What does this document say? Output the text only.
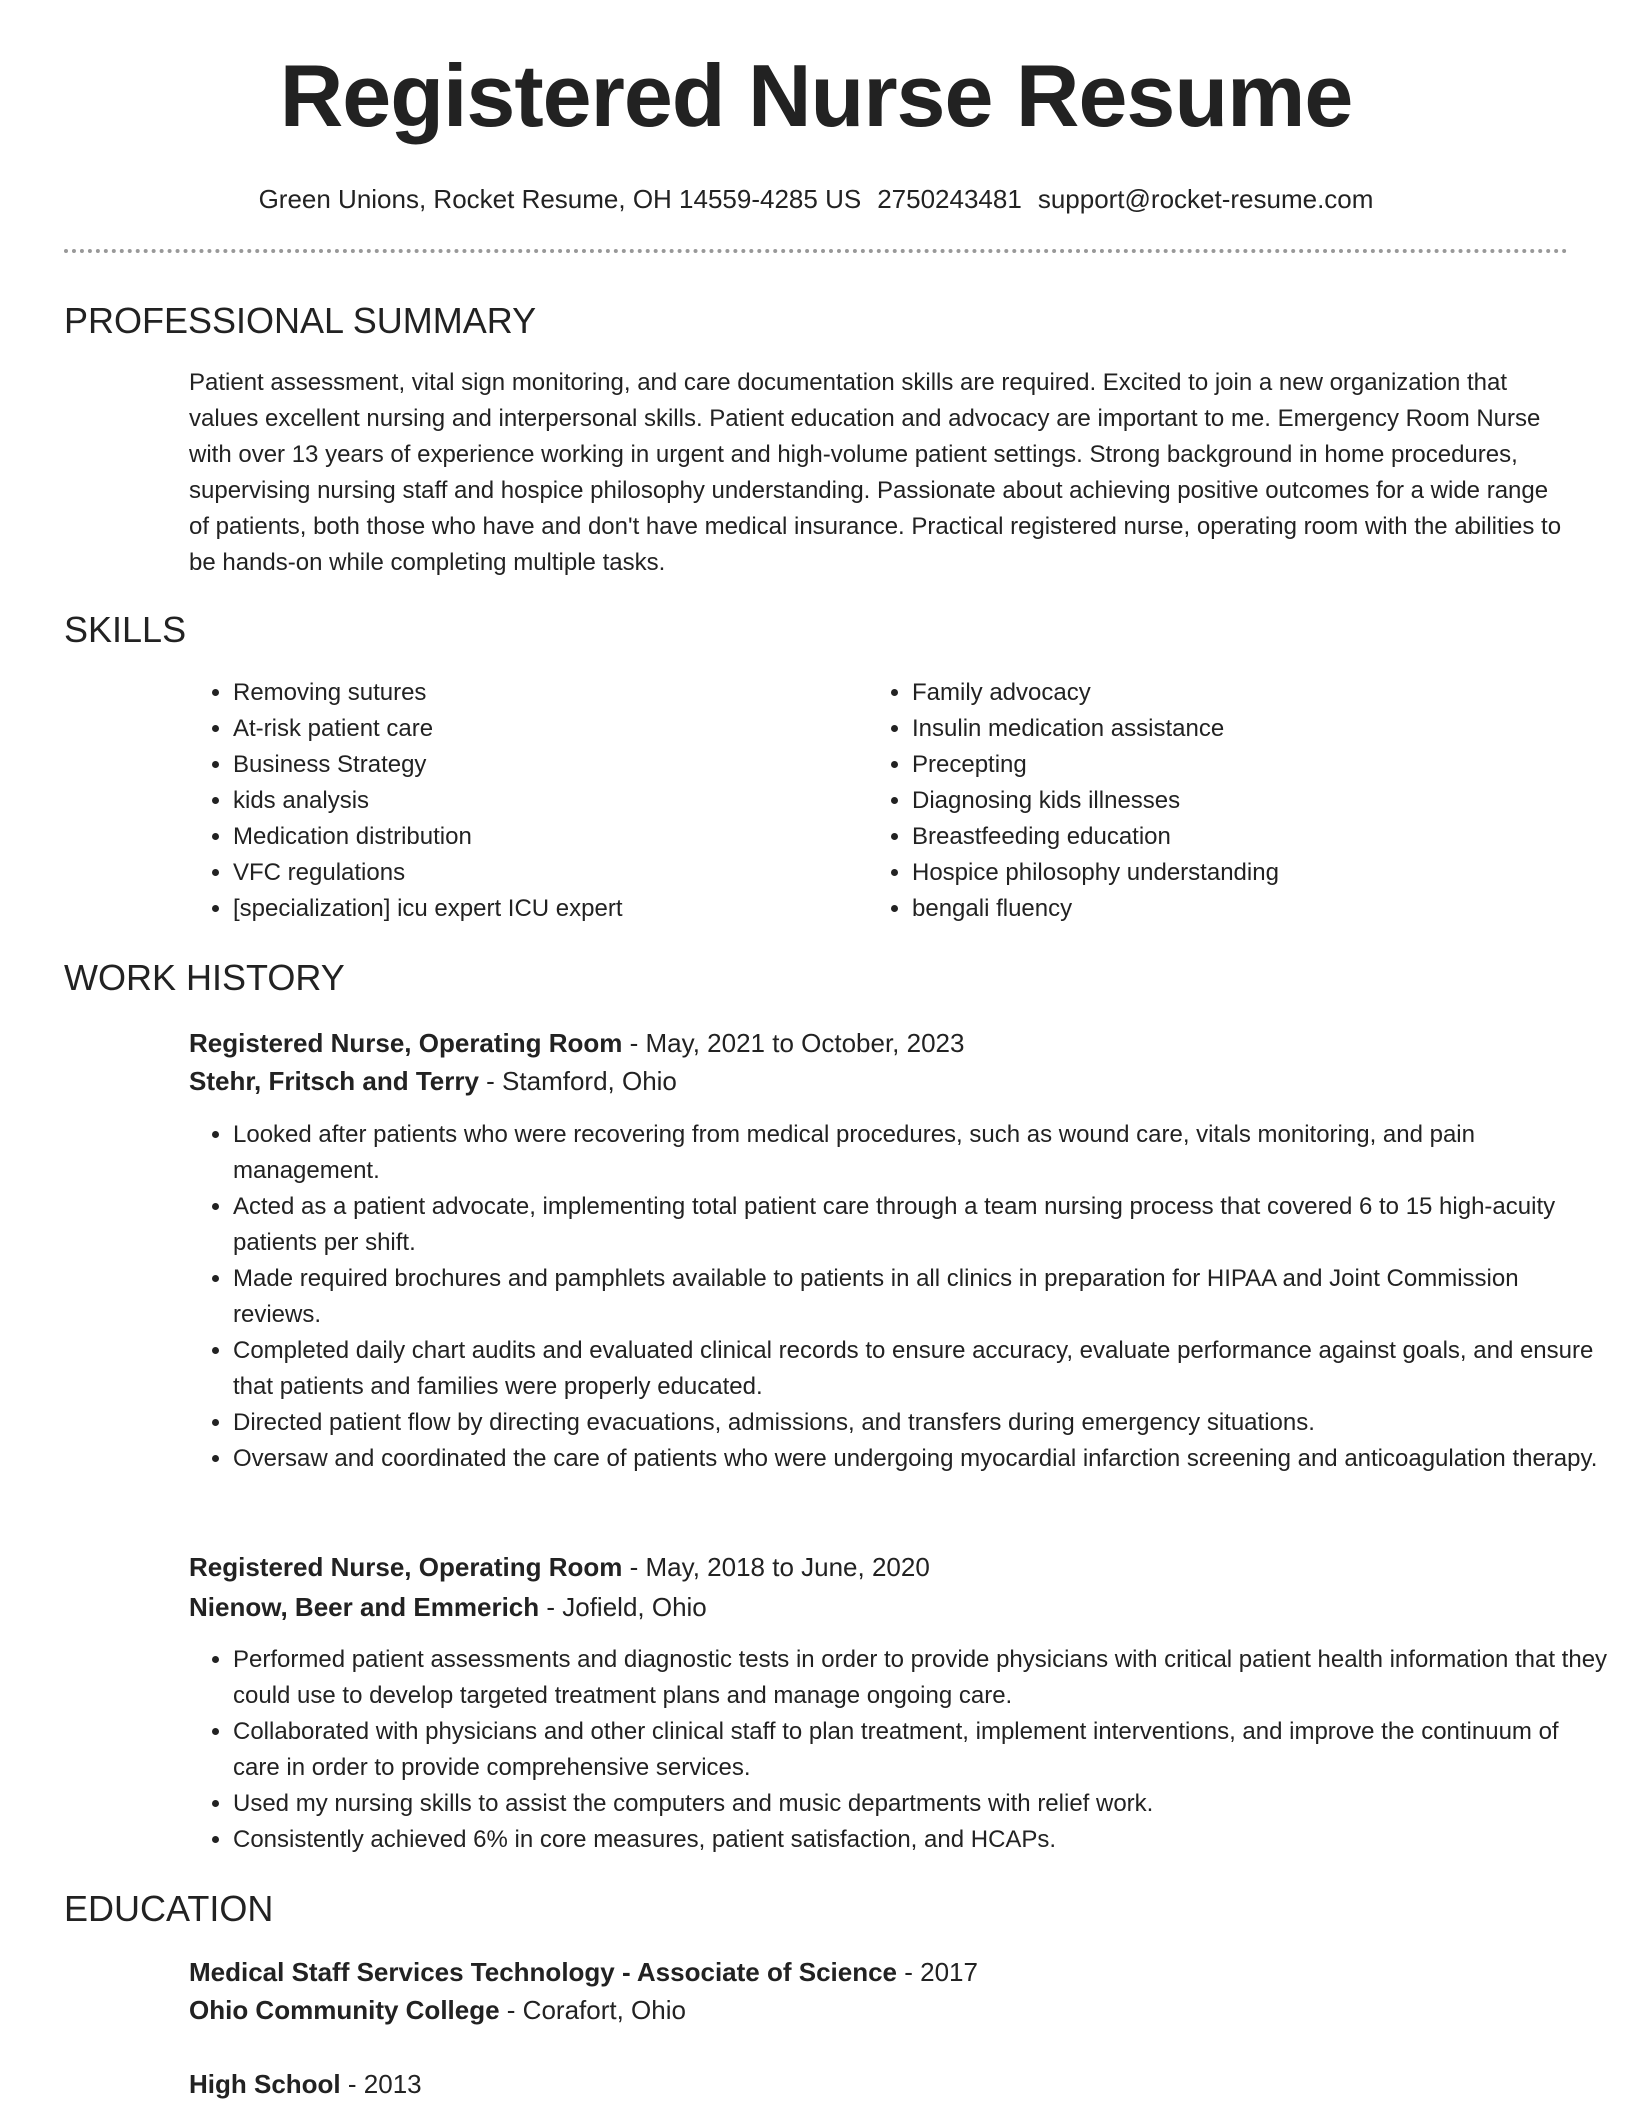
Registered Nurse Resume
Green Unions, Rocket Resume, OH 14559-4285 US 2750243481 support@rocket-resume.com
PROFESSIONAL SUMMARY

Patient assessment, vital sign monitoring, and care documentation skills are required. Excited to join a new organization that values excellent nursing and interpersonal skills. Patient education and advocacy are important to me. Emergency Room Nurse with over 13 years of experience working in urgent and high-volume patient settings. Strong background in home procedures, supervising nursing staff and hospice philosophy understanding. Passionate about achieving positive outcomes for a wide range of patients, both those who have and don't have medical insurance. Practical registered nurse, operating room with the abilities to be hands-on while completing multiple tasks.

SKILLS
• Removing sutures
• At-risk patient care
• Business Strategy
• kids analysis
• Medication distribution
• VFC regulations
• [specialization] icu expert ICU expert
• Family advocacy
• Insulin medication assistance
• Precepting
• Diagnosing kids illnesses
• Breastfeeding education
• Hospice philosophy understanding
• bengali fluency
WORK HISTORY
Registered Nurse, Operating Room - May, 2021 to October, 2023
Stehr, Fritsch and Terry - Stamford, Ohio
• Looked after patients who were recovering from medical procedures, such as wound care, vitals monitoring, and pain management.
• Acted as a patient advocate, implementing total patient care through a team nursing process that covered 6 to 15 high-acuity patients per shift.
• Made required brochures and pamphlets available to patients in all clinics in preparation for HIPAA and Joint Commission reviews.
• Completed daily chart audits and evaluated clinical records to ensure accuracy, evaluate performance against goals, and ensure that patients and families were properly educated.
• Directed patient flow by directing evacuations, admissions, and transfers during emergency situations.
• Oversaw and coordinated the care of patients who were undergoing myocardial infarction screening and anticoagulation therapy.
Registered Nurse, Operating Room - May, 2018 to June, 2020
Nienow, Beer and Emmerich - Jofield, Ohio
• Performed patient assessments and diagnostic tests in order to provide physicians with critical patient health information that they could use to develop targeted treatment plans and manage ongoing care.
• Collaborated with physicians and other clinical staff to plan treatment, implement interventions, and improve the continuum of care in order to provide comprehensive services.
• Used my nursing skills to assist the computers and music departments with relief work.
• Consistently achieved 6% in core measures, patient satisfaction, and HCAPs.
EDUCATION
Medical Staff Services Technology - Associate of Science - 2017
Ohio Community College - Corafort, Ohio
High School - 2013
